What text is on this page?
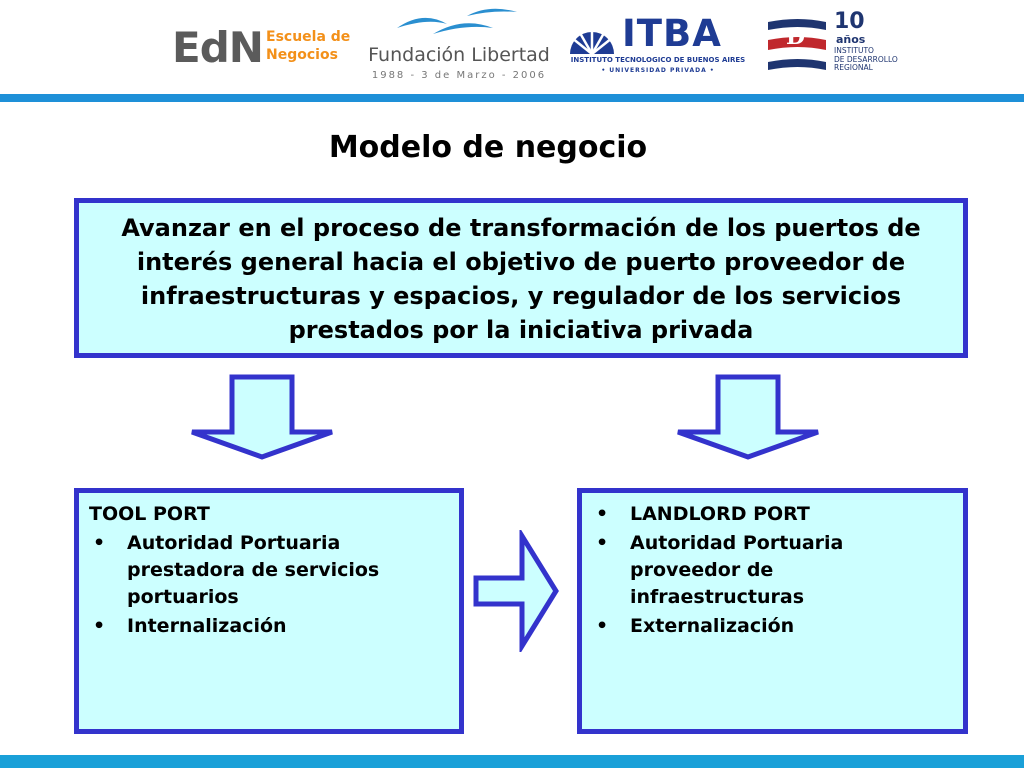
EdN Escuela de
Negocios	Fundación Libertad
1988 - 3 de Marzo - 2006
ITBA
INSTITUTO TECNOLOGICO DE BUENOS AIRES
• UNIVERSIDAD PRIVADA •
D
10
años
INSTITUTO
DE DESARROLLO
REGIONAL
Modelo de negocio
Avanzar en el proceso de transformación de los puertos de interés general hacia el objetivo de puerto proveedor de infraestructuras y espacios, y regulador de los servicios prestados por la iniciativa privada
TOOL PORT
• Autoridad Portuaria prestadora de servicios portuarios
• Internalización
• LANDLORD PORT
• Autoridad Portuaria proveedor de infraestructuras
• Externalización
